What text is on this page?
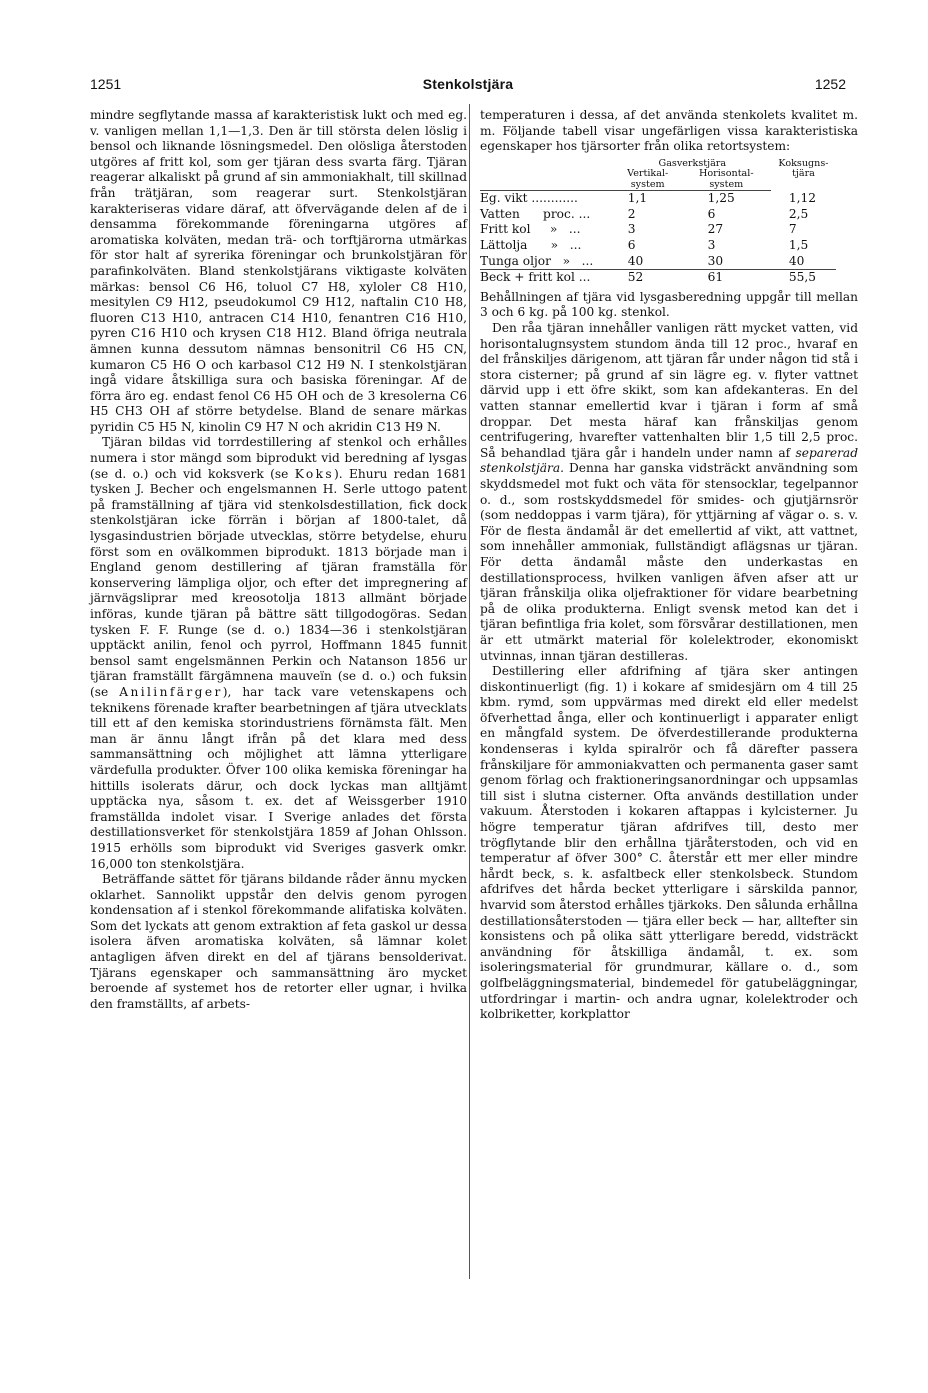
1251	Stenkolstjära	1252

mindre segflytande massa af karakteristisk lukt och med eg. v. vanligen mellan 1,1—1,3. Den är till största delen löslig i bensol och liknande lösningsmedel. Den olösliga återstoden utgöres af fritt kol, som ger tjäran dess svarta färg. Tjäran reagerar alkaliskt på grund af sin ammoniakhalt, till skillnad från trätjäran, som reagerar surt. Stenkolstjäran karakteriseras vidare däraf, att öfvervägande delen af de i densamma förekommande föreningarna utgöres af aromatiska kolväten, medan trä- och torftjärorna utmärkas för stor halt af syrerika föreningar och brunkolstjäran för parafinkolväten. Bland stenkolstjärans viktigaste kolväten märkas: bensol C6 H6, toluol C7 H8, xyloler C8 H10, mesitylen C9 H12, pseudokumol C9 H12, naftalin C10 H8, fluoren C13 H10, antracen C14 H10, fenantren C16 H10, pyren C16 H10 och krysen C18 H12. Bland öfriga neutrala ämnen kunna dessutom nämnas bensonitril C6 H5 CN, kumaron C5 H6 O och karbasol C12 H9 N. I stenkolstjäran ingå vidare åtskilliga sura och basiska föreningar. Af de förra äro eg. endast fenol C6 H5 OH och de 3 kresolerna C6 H5 CH3 OH af större betydelse. Bland de senare märkas pyridin C5 H5 N, kinolin C9 H7 N och akridin C13 H9 N.

Tjäran bildas vid torrdestillering af stenkol och erhålles numera i stor mängd som biprodukt vid beredning af lysgas (se d. o.) och vid koksverk (se Koks). Ehuru redan 1681 tysken J. Becher och engelsmannen H. Serle uttogo patent på framställning af tjära vid stenkolsdestillation, fick dock stenkolstjäran icke förrän i början af 1800-talet, då lysgasindustrien började utvecklas, större betydelse, ehuru först som en ovälkommen biprodukt. 1813 började man i England genom destillering af tjäran framställa för konservering lämpliga oljor, och efter det impregnering af järnvägsliprar med kreosotolja 1813 allmänt började införas, kunde tjäran på bättre sätt tillgodogöras. Sedan tysken F. F. Runge (se d. o.) 1834—36 i stenkolstjäran upptäckt anilin, fenol och pyrrol, Hoffmann 1845 funnit bensol samt engelsmännen Perkin och Natanson 1856 ur tjäran framställt färgämnena mauveïn (se d. o.) och fuksin (se Anilinfärger), har tack vare vetenskapens och teknikens förenade krafter bearbetningen af tjära utvecklats till ett af den kemiska storindustriens förnämsta fält. Men man är ännu långt ifrån på det klara med dess sammansättning och möjlighet att lämna ytterligare värdefulla produkter. Öfver 100 olika kemiska föreningar ha hittills isolerats därur, och dock lyckas man alltjämt upptäcka nya, såsom t. ex. det af Weissgerber 1910 framställda indolet visar. I Sverige anlades det första destillationsverket för stenkolstjära 1859 af Johan Ohlsson. 1915 erhölls som biprodukt vid Sveriges gasverk omkr. 16,000 ton stenkolstjära.

Beträffande sättet för tjärans bildande råder ännu mycken oklarhet. Sannolikt uppstår den delvis genom pyrogen kondensation af i stenkol förekommande alifatiska kolväten. Som det lyckats att genom extraktion af feta gaskol ur dessa isolera äfven aromatiska kolväten, så lämnar kolet antagligen äfven direkt en del af tjärans bensolderivat. Tjärans egenskaper och sammansättning äro mycket beroende af systemet hos de retorter eller ugnar, i hvilka den framställts, af arbets-

temperaturen i dessa, af det använda stenkolets kvalitet m. m. Följande tabell visar ungefärligen vissa karakteristiska egenskaper hos tjärsorter från olika retortsystem:

	Gasverkstjära		Koksugns-
tjära
	Vertikal-
system	Horisontal-
system	
Eg. vikt ............	1,1	1,25	1,12
Vatten      proc. ...	2	6	2,5
Fritt kol     »   ...	3	27	7
Lättolja      »   ...	6	3	1,5
Tunga oljor   »   ...	40	30	40
Beck + fritt kol ...	52	61	55,5

Behållningen af tjära vid lysgasberedning uppgår till mellan 3 och 6 kg. på 100 kg. stenkol.

Den råa tjäran innehåller vanligen rätt mycket vatten, vid horisontalugnsystem stundom ända till 12 proc., hvaraf en del frånskiljes därigenom, att tjäran får under någon tid stå i stora cisterner; på grund af sin lägre eg. v. flyter vattnet därvid upp i ett öfre skikt, som kan afdekanteras. En del vatten stannar emellertid kvar i tjäran i form af små droppar. Det mesta häraf kan frånskiljas genom centrifugering, hvarefter vattenhalten blir 1,5 till 2,5 proc. Så behandlad tjära går i handeln under namn af separerad stenkolstjära. Denna har ganska vidsträckt användning som skyddsmedel mot fukt och väta för stensocklar, tegelpannor o. d., som rostskyddsmedel för smides- och gjutjärnsrör (som neddoppas i varm tjära), för yttjärning af vägar o. s. v. För de flesta ändamål är det emellertid af vikt, att vattnet, som innehåller ammoniak, fullständigt aflägsnas ur tjäran. För detta ändamål måste den underkastas en destillationsprocess, hvilken vanligen äfven afser att ur tjäran frånskilja olika oljefraktioner för vidare bearbetning på de olika produkterna. Enligt svensk metod kan det i tjäran befintliga fria kolet, som försvårar destillationen, men är ett utmärkt material för kolelektroder, ekonomiskt utvinnas, innan tjäran destilleras.

Destillering eller afdrifning af tjära sker antingen diskontinuerligt (fig. 1) i kokare af smidesjärn om 4 till 25 kbm. rymd, som uppvärmas med direkt eld eller medelst öfverhettad ånga, eller och kontinuerligt i apparater enligt en mångfald system. De öfverdestillerande produkterna kondenseras i kylda spiralrör och få därefter passera frånskiljare för ammoniakvatten och permanenta gaser samt genom förlag och fraktioneringsanordningar och uppsamlas till sist i slutna cisterner. Ofta används destillation under vakuum. Återstoden i kokaren aftappas i kylcisterner. Ju högre temperatur tjäran afdrifves till, desto mer trögflytande blir den erhållna tjäråterstoden, och vid en temperatur af öfver 300° C. återstår ett mer eller mindre hårdt beck, s. k. asfaltbeck eller stenkolsbeck. Stundom afdrifves det hårda becket ytterligare i särskilda pannor, hvarvid som återstod erhålles tjärkoks. Den sålunda erhållna destillationsåterstoden — tjära eller beck — har, alltefter sin konsistens och på olika sätt ytterligare beredd, vidsträckt användning för åtskilliga ändamål, t. ex. som isoleringsmaterial för grundmurar, källare o. d., som golfbeläggningsmaterial, bindemedel för gatubeläggningar, utfordringar i martin- och andra ugnar, kolelektroder och kolbriketter, korkplattor
